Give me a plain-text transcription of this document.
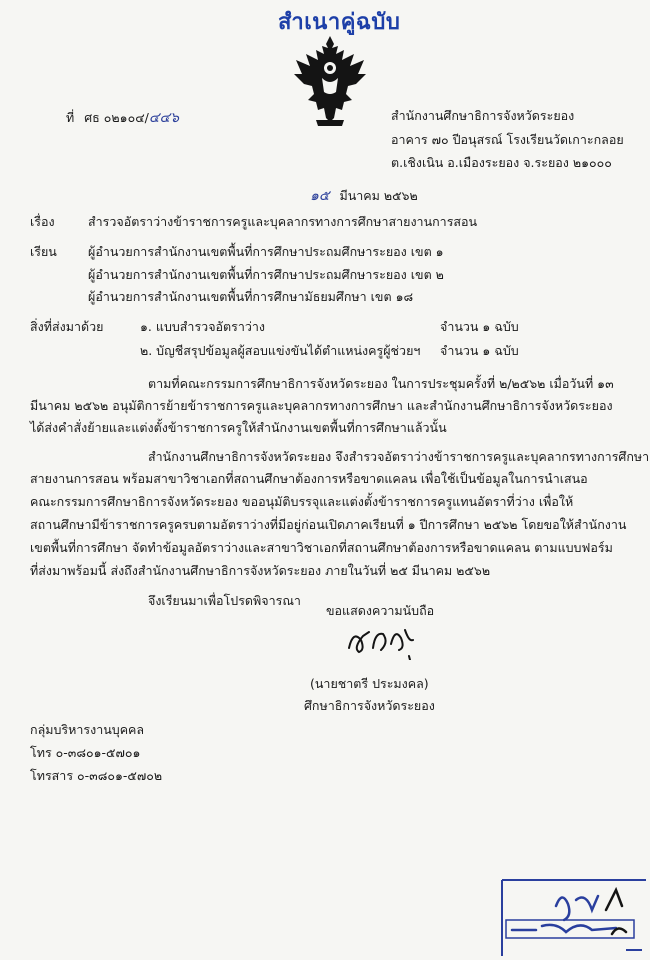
สำเนาคู่ฉบับ
ที่ ศธ ๐๒๑๐๔/๔๔๖	สำนักงานศึกษาธิการจังหวัดระยอง
อาคาร ๗๐ ปีอนุสรณ์ โรงเรียนวัดเกาะกลอย
ต.เชิงเนิน อ.เมืองระยอง จ.ระยอง ๒๑๐๐๐
๑๕ มีนาคม ๒๕๖๒
เรื่อง	สำรวจอัตราว่างข้าราชการครูและบุคลากรทางการศึกษาสายงานการสอน
เรียน ผู้อำนวยการสำนักงานเขตพื้นที่การศึกษาประถมศึกษาระยอง เขต ๑
ผู้อำนวยการสำนักงานเขตพื้นที่การศึกษาประถมศึกษาระยอง เขต ๒
ผู้อำนวยการสำนักงานเขตพื้นที่การศึกษามัธยมศึกษา เขต ๑๘
สิ่งที่ส่งมาด้วย	๑. แบบสำรวจอัตราว่าง	จำนวน ๑ ฉบับ
๒. บัญชีสรุปข้อมูลผู้สอบแข่งขันได้ตำแหน่งครูผู้ช่วยฯ จำนวน ๑ ฉบับ
ตามที่คณะกรรมการศึกษาธิการจังหวัดระยอง ในการประชุมครั้งที่ ๒/๒๕๖๒ เมื่อวันที่ ๑๓
มีนาคม ๒๕๖๒ อนุมัติการย้ายข้าราชการครูและบุคลากรทางการศึกษา และสำนักงานศึกษาธิการจังหวัดระยอง
ได้ส่งคำสั่งย้ายและแต่งตั้งข้าราชการครูให้สำนักงานเขตพื้นที่การศึกษาแล้วนั้น
สำนักงานศึกษาธิการจังหวัดระยอง จึงสำรวจอัตราว่างข้าราชการครูและบุคลากรทางการศึกษา
สายงานการสอน พร้อมสาขาวิชาเอกที่สถานศึกษาต้องการหรือขาดแคลน เพื่อใช้เป็นข้อมูลในการนำเสนอ
คณะกรรมการศึกษาธิการจังหวัดระยอง ขออนุมัติบรรจุและแต่งตั้งข้าราชการครูแทนอัตราที่ว่าง เพื่อให้
สถานศึกษามีข้าราชการครูครบตามอัตราว่างที่มีอยู่ก่อนเปิดภาคเรียนที่ ๑ ปีการศึกษา ๒๕๖๒ โดยขอให้สำนักงาน
เขตพื้นที่การศึกษา จัดทำข้อมูลอัตราว่างและสาขาวิชาเอกที่สถานศึกษาต้องการหรือขาดแคลน ตามแบบฟอร์ม
ที่ส่งมาพร้อมนี้ ส่งถึงสำนักงานศึกษาธิการจังหวัดระยอง ภายในวันที่ ๒๕ มีนาคม ๒๕๖๒
จึงเรียนมาเพื่อโปรดพิจารณา
ขอแสดงความนับถือ
(นายชาตรี ประมงคล)
ศึกษาธิการจังหวัดระยอง
กลุ่มบริหารงานบุคคล
โทร ๐-๓๘๐๑-๕๗๐๑
โทรสาร ๐-๓๘๐๑-๕๗๐๒
